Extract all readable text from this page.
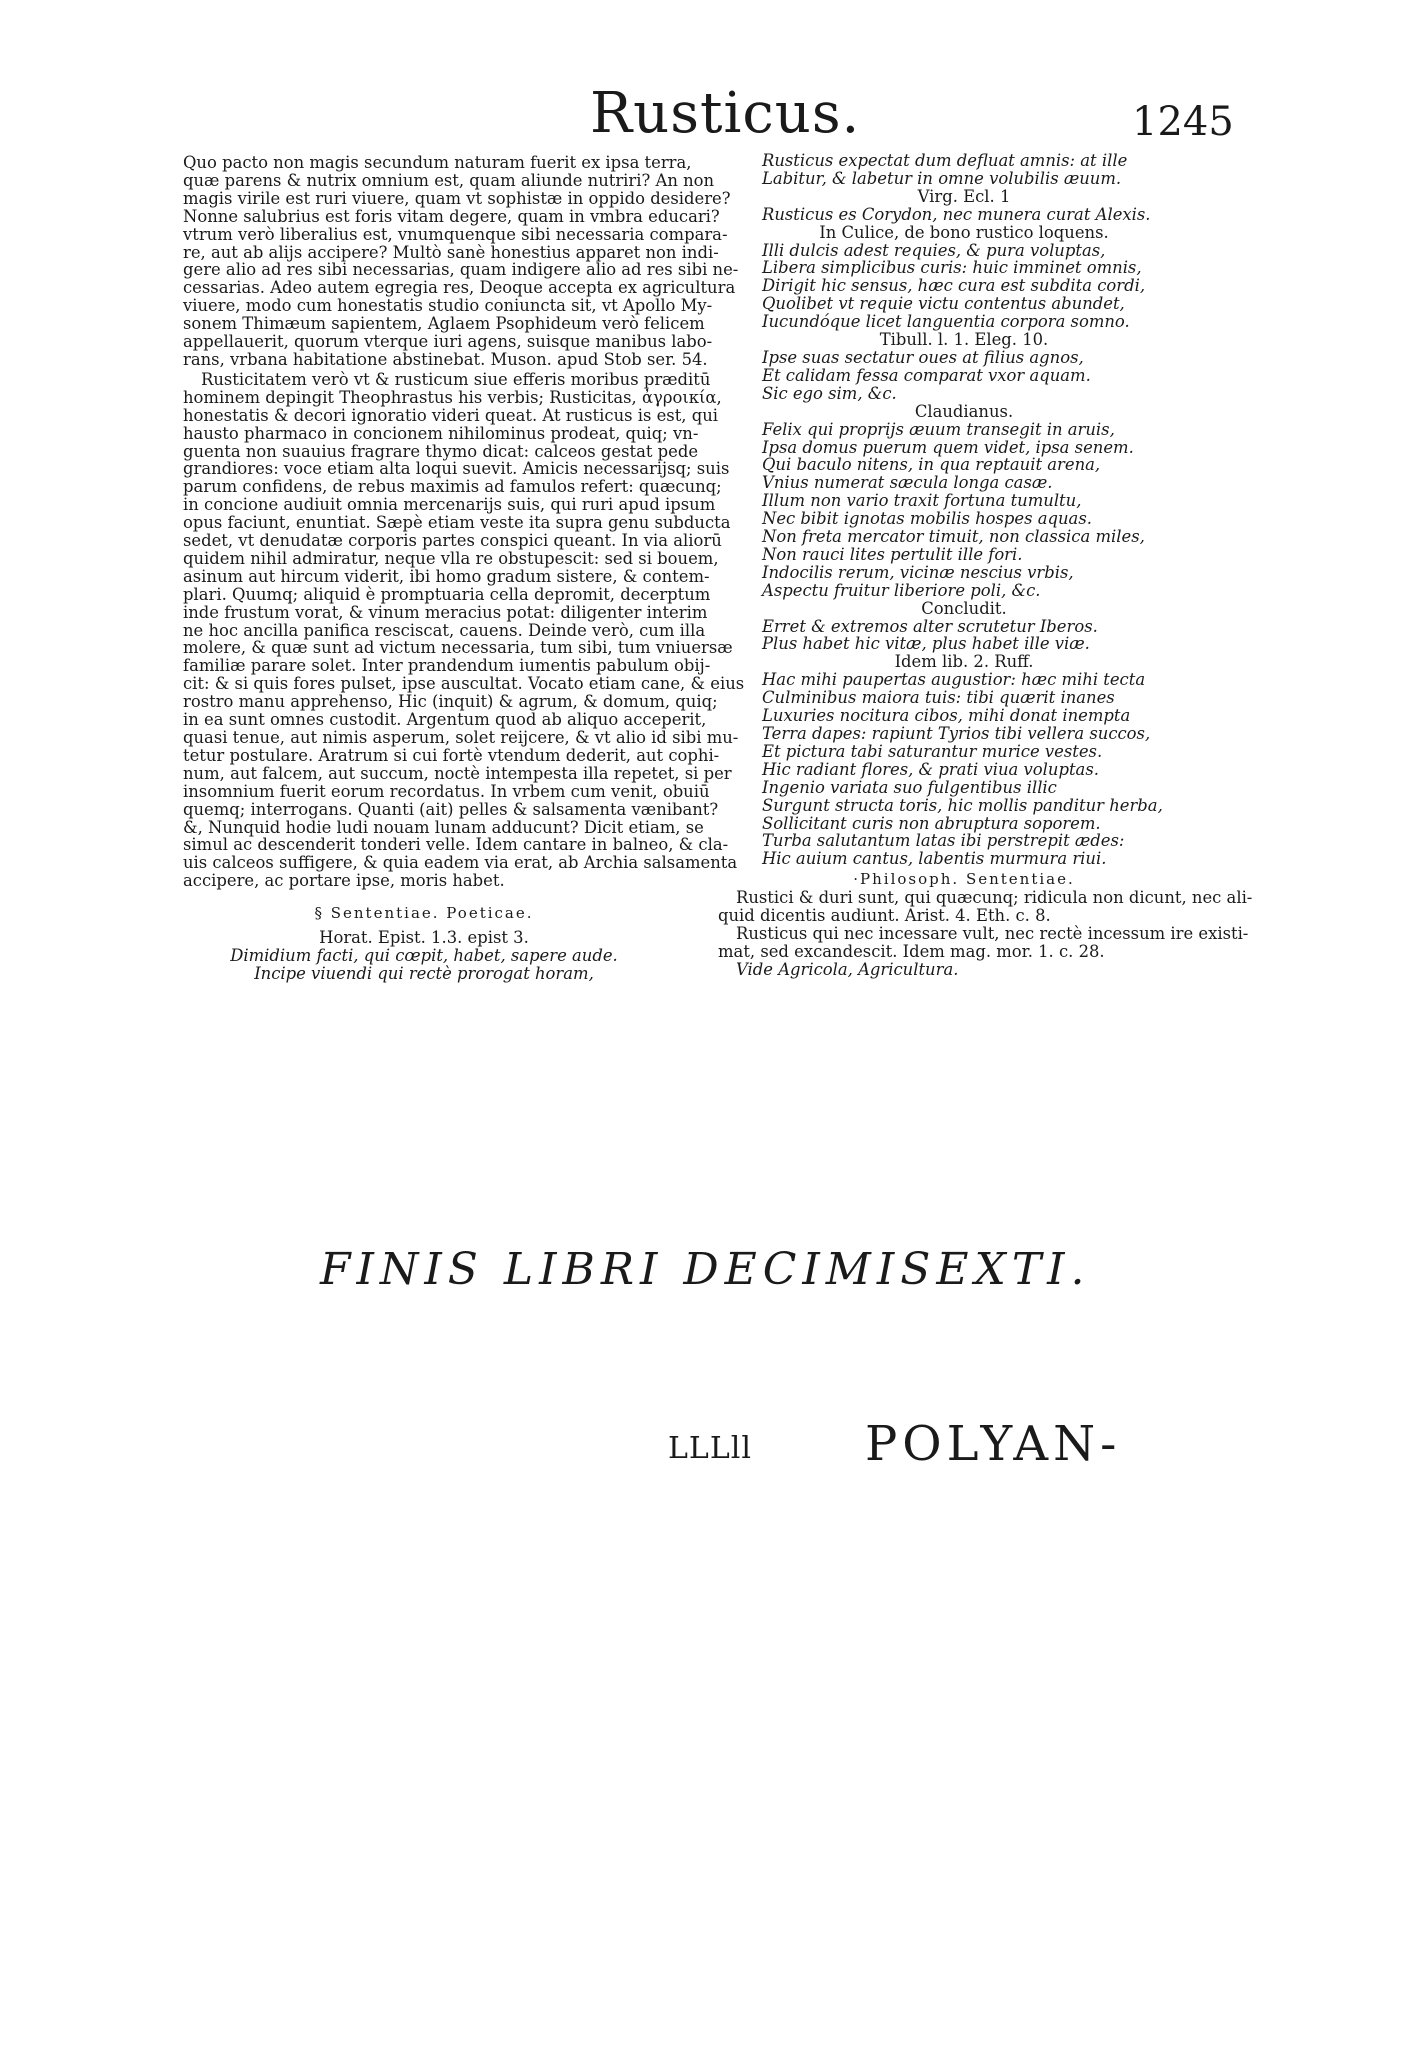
Rusticus.	1245
Quo pacto non magis secundum naturam fuerit ex ipsa terra,
quæ parens & nutrix omnium est, quam aliunde nutriri? An non
magis virile est ruri viuere, quam vt sophistæ in oppido desidere?
Nonne salubrius est foris vitam degere, quam in vmbra educari?
vtrum verò liberalius est, vnumquenque sibi necessaria compara-
re, aut ab alijs accipere? Multò sanè honestius apparet non indi-
gere alio ad res sibi necessarias, quam indigere alio ad res sibi ne-
cessarias. Adeo autem egregia res, Deoque accepta ex agricultura
viuere, modo cum honestatis studio coniuncta sit, vt Apollo My-
sonem Thimæum sapientem, Aglaem Psophideum verò felicem
appellauerit, quorum vterque iuri agens, suisque manibus labo-
rans, vrbana habitatione abstinebat. Muson. apud Stob ser. 54.
Rusticitatem verò vt & rusticum siue efferis moribus præditū
hominem depingit Theophrastus his verbis; Rusticitas, ἀγροικία,
honestatis & decori ignoratio videri queat. At rusticus is est, qui
hausto pharmaco in concionem nihilominus prodeat, quiq; vn-
guenta non suauius fragrare thymo dicat: calceos gestat pede
grandiores: voce etiam alta loqui suevit. Amicis necessarijsq; suis
parum confidens, de rebus maximis ad famulos refert: quæcunq;
in concione audiuit omnia mercenarijs suis, qui ruri apud ipsum
opus faciunt, enuntiat. Sæpè etiam veste ita supra genu subducta
sedet, vt denudatæ corporis partes conspici queant. In via aliorū
quidem nihil admiratur, neque vlla re obstupescit: sed si bouem,
asinum aut hircum viderit, ibi homo gradum sistere, & contem-
plari. Quumq; aliquid è promptuaria cella depromit, decerptum
inde frustum vorat, & vinum meracius potat: diligenter interim
ne hoc ancilla panifica resciscat, cauens. Deinde verò, cum illa
molere, & quæ sunt ad victum necessaria, tum sibi, tum vniuersæ
familiæ parare solet. Inter prandendum iumentis pabulum obij-
cit: & si quis fores pulset, ipse auscultat. Vocato etiam cane, & eius
rostro manu apprehenso, Hic (inquit) & agrum, & domum, quiq;
in ea sunt omnes custodit. Argentum quod ab aliquo acceperit,
quasi tenue, aut nimis asperum, solet reijcere, & vt alio id sibi mu-
tetur postulare. Aratrum si cui fortè vtendum dederit, aut cophi-
num, aut falcem, aut succum, noctè intempesta illa repetet, si per
insomnium fuerit eorum recordatus. In vrbem cum venit, obuiū
quemq; interrogans. Quanti (ait) pelles & salsamenta vænibant?
&, Nunquid hodie ludi nouam lunam adducunt? Dicit etiam, se
simul ac descenderit tonderi velle. Idem cantare in balneo, & cla-
uis calceos suffigere, & quia eadem via erat, ab Archia salsamenta
accipere, ac portare ipse, moris habet.
§ Sententiae. Poeticae.
Horat. Epist. 1.3. epist 3.
Dimidium facti, qui cœpit, habet, sapere aude.
Incipe viuendi qui rectè prorogat horam,
Rusticus expectat dum defluat amnis: at ille
Labitur, & labetur in omne volubilis æuum.
Virg. Ecl. 1
Rusticus es Corydon, nec munera curat Alexis.
In Culice, de bono rustico loquens.
Illi dulcis adest requies, & pura voluptas,
Libera simplicibus curis: huic imminet omnis,
Dirigit hic sensus, hæc cura est subdita cordi,
Quolibet vt requie victu contentus abundet,
Iucundóque licet languentia corpora somno.
Tibull. l. 1. Eleg. 10.
Ipse suas sectatur oues at filius agnos,
Et calidam fessa comparat vxor aquam.
Sic ego sim, &c.
Claudianus.
Felix qui proprijs æuum transegit in aruis,
Ipsa domus puerum quem videt, ipsa senem.
Qui baculo nitens, in qua reptauit arena,
Vnius numerat sæcula longa casæ.
Illum non vario traxit fortuna tumultu,
Nec bibit ignotas mobilis hospes aquas.
Non freta mercator timuit, non classica miles,
Non rauci lites pertulit ille fori.
Indocilis rerum, vicinæ nescius vrbis,
Aspectu fruitur liberiore poli, &c.
Concludit.
Erret & extremos alter scrutetur Iberos.
Plus habet hic vitæ, plus habet ille viæ.
Idem lib. 2. Ruff.
Hac mihi paupertas augustior: hæc mihi tecta
Culminibus maiora tuis: tibi quærit inanes
Luxuries nocitura cibos, mihi donat inempta
Terra dapes: rapiunt Tyrios tibi vellera succos,
Et pictura tabi saturantur murice vestes.
Hic radiant flores, & prati viua voluptas.
Ingenio variata suo fulgentibus illic
Surgunt structa toris, hic mollis panditur herba,
Sollicitant curis non abruptura soporem.
Turba salutantum latas ibi perstrepit ædes:
Hic auium cantus, labentis murmura riui.
·Philosoph. Sententiae.
Rustici & duri sunt, qui quæcunq; ridicula non dicunt, nec ali-
quid dicentis audiunt. Arist. 4. Eth. c. 8.
Rusticus qui nec incessare vult, nec rectè incessum ire existi-
mat, sed excandescit. Idem mag. mor. 1. c. 28.
Vide Agricola, Agricultura.
FINIS LIBRI DECIMISEXTI.
LLLll POLYAN-
